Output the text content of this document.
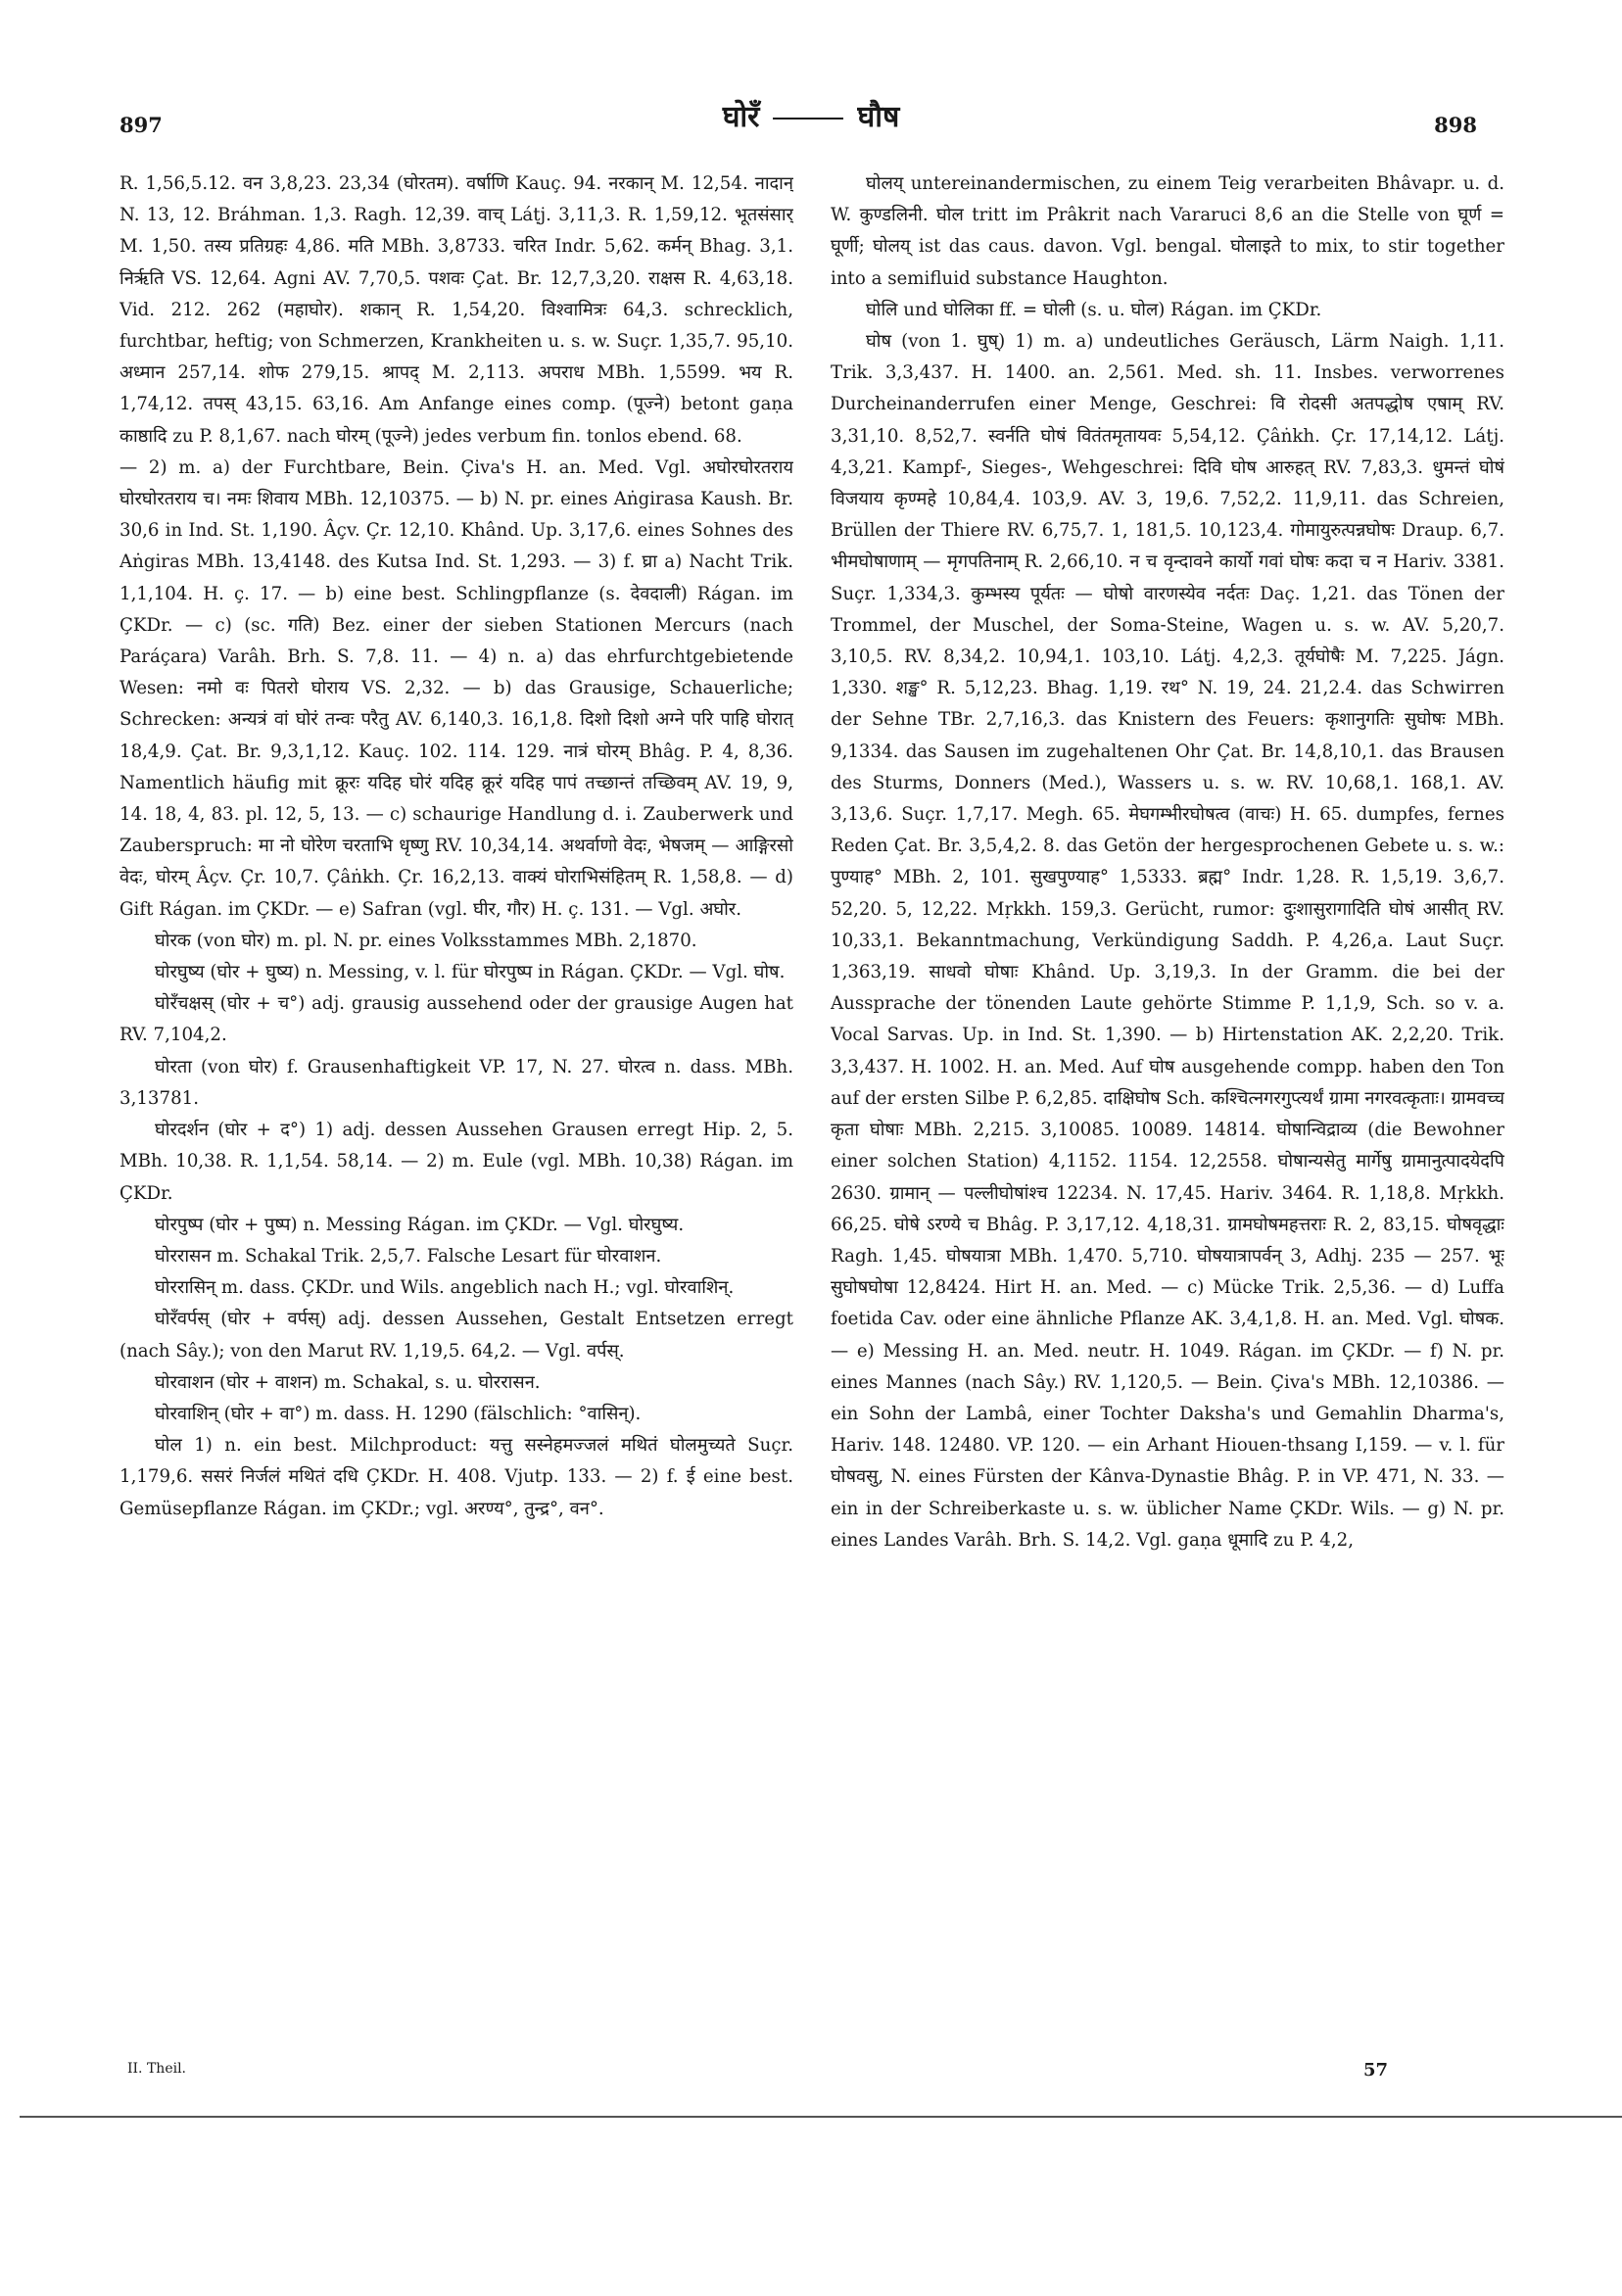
897	घोरँ	घौष	898

R. 1,56,5.12. वन 3,8,23. 23,34 (घोरतम). वर्षाणि Kauç. 94. नरकान् M. 12,54. नादान् N. 13, 12. Bráhman. 1,3. Ragh. 12,39. वाच् Láṭj. 3,11,3. R. 1,59,12. भूतसंसार् M. 1,50. तस्य प्रतिग्रहः 4,86. मति MBh. 3,8733. चरित Indr. 5,62. कर्मन् Bhag. 3,1. निर्ऋति VS. 12,64. Agni AV. 7,70,5. पशवः Çat. Br. 12,7,3,20. राक्षस R. 4,63,18. Vid. 212. 262 (महाघोर). शकान् R. 1,54,20. विश्वामित्रः 64,3. schrecklich, furchtbar, heftig; von Schmerzen, Krankheiten u. s. w. Suçr. 1,35,7. 95,10. अध्मान 257,14. शोफ 279,15. श्रापद् M. 2,113. अपराध MBh. 1,5599. भय R. 1,74,12. तपस् 43,15. 63,16. Am Anfange eines comp. (पूज्ने) betont gaṇa काष्ठादि zu P. 8,1,67. nach घोरम् (पूज्ने) jedes verbum fin. tonlos ebend. 68.

— 2) m. a) der Furchtbare, Bein. Çiva's H. an. Med. Vgl. अघोरघोरतराय घोरघोरतराय च। नमः शिवाय MBh. 12,10375. — b) N. pr. eines Aṅgirasa Kaush. Br. 30,6 in Ind. St. 1,190. Âçv. Çr. 12,10. Khând. Up. 3,17,6. eines Sohnes des Aṅgiras MBh. 13,4148. des Kutsa Ind. St. 1,293. — 3) f. घ्रा a) Nacht Trik. 1,1,104. H. ç. 17. — b) eine best. Schlingpflanze (s. देवदाली) Rágan. im ÇKDr. — c) (sc. गति) Bez. einer der sieben Stationen Mercurs (nach Paráçara) Varâh. Brh. S. 7,8. 11. — 4) n. a) das ehrfurchtgebietende Wesen: नमो वः पितरो घोराय VS. 2,32. — b) das Grausige, Schauerliche; Schrecken: अन्यत्रं वां घोरं तन्वः परैतु AV. 6,140,3. 16,1,8. दिशो दिशो अग्ने परि पाहि घोरात् 18,4,9. Çat. Br. 9,3,1,12. Kauç. 102. 114. 129. नात्रं घोरम् Bhâg. P. 4, 8,36. Namentlich häufig mit क्रूरः यदिह घोरं यदिह क्रूरं यदिह पापं तच्छान्तं तच्छिवम् AV. 19, 9, 14. 18, 4, 83. pl. 12, 5, 13. — c) schaurige Handlung d. i. Zauberwerk und Zauberspruch: मा नो घोरेण चरताभि धृष्णु RV. 10,34,14. अथर्वाणो वेदः, भेषजम् — आङ्गिरसो वेदः, घोरम् Âçv. Çr. 10,7. Çâṅkh. Çr. 16,2,13. वाक्यं घोराभिसंहितम् R. 1,58,8. — d) Gift Rágan. im ÇKDr. — e) Safran (vgl. घीर, गौर) H. ç. 131. — Vgl. अघोर.

घोरक (von घोर) m. pl. N. pr. eines Volksstammes MBh. 2,1870.

घोरघुष्य (घोर + घुष्य) n. Messing, v. l. für घोरपुष्प in Rágan. ÇKDr. — Vgl. घोष.

घोरँचक्षस् (घोर + च°) adj. grausig aussehend oder der grausige Augen hat RV. 7,104,2.

घोरता (von घोर) f. Grausenhaftigkeit VP. 17, N. 27. घोरत्व n. dass. MBh. 3,13781.

घोरदर्शन (घोर + द°) 1) adj. dessen Aussehen Grausen erregt Hip. 2, 5. MBh. 10,38. R. 1,1,54. 58,14. — 2) m. Eule (vgl. MBh. 10,38) Rágan. im ÇKDr.

घोरपुष्प (घोर + पुष्प) n. Messing Rágan. im ÇKDr. — Vgl. घोरघुष्य.

घोररासन m. Schakal Trik. 2,5,7. Falsche Lesart für घोरवाशन.

घोररासिन् m. dass. ÇKDr. und Wils. angeblich nach H.; vgl. घोरवाशिन्.

घोरँवर्पस् (घोर + वर्पस्) adj. dessen Aussehen, Gestalt Entsetzen erregt (nach Sây.); von den Marut RV. 1,19,5. 64,2. — Vgl. वर्पस्.

घोरवाशन (घोर + वाशन) m. Schakal, s. u. घोररासन.

घोरवाशिन् (घोर + वा°) m. dass. H. 1290 (fälschlich: °वासिन्).

घोल 1) n. ein best. Milchproduct: यत्तु सस्नेहमज्जलं मथितं घोलमुच्यते Suçr. 1,179,6. ससरं निर्जलं मथितं दधि ÇKDr. H. 408. Vjutp. 133. — 2) f. ई eine best. Gemüsepflanze Rágan. im ÇKDr.; vgl. अरण्य°, तुन्द्र°, वन°.

घोलय् untereinandermischen, zu einem Teig verarbeiten Bhâvapr. u. d. W. कुण्डलिनी. घोल tritt im Prâkrit nach Vararuci 8,6 an die Stelle von घूर्ण = घूर्णी; घोलय् ist das caus. davon. Vgl. bengal. घोलाइते to mix, to stir together into a semifluid substance Haughton.

घोलि und घोलिका ff. = घोली (s. u. घोल) Rágan. im ÇKDr.

घोष (von 1. घुष्) 1) m. a) undeutliches Geräusch, Lärm Naigh. 1,11. Trik. 3,3,437. H. 1400. an. 2,561. Med. sh. 11. Insbes. verworrenes Durcheinanderrufen einer Menge, Geschrei: वि रोदसी अतपद्धोष एषाम् RV. 3,31,10. 8,52,7. स्वर्नति घोषं वितंतमृतायवः 5,54,12. Çâṅkh. Çr. 17,14,12. Láṭj. 4,3,21. Kampf-, Sieges-, Wehgeschrei: दिवि घोष आरुहत् RV. 7,83,3. धुमन्तं घोषं विजयाय कृण्महे 10,84,4. 103,9. AV. 3, 19,6. 7,52,2. 11,9,11. das Schreien, Brüllen der Thiere RV. 6,75,7. 1, 181,5. 10,123,4. गोमायुरुत्पन्नघोषः Draup. 6,7. भीमघोषाणाम् — मृगपतिनाम् R. 2,66,10. न च वृन्दावने कार्यो गवां घोषः कदा च न Hariv. 3381. Suçr. 1,334,3. कुम्भस्य पूर्यतः — घोषो वारणस्येव नर्दतः Daç. 1,21. das Tönen der Trommel, der Muschel, der Soma-Steine, Wagen u. s. w. AV. 5,20,7. 3,10,5. RV. 8,34,2. 10,94,1. 103,10. Láṭj. 4,2,3. तूर्यघोषैः M. 7,225. Jágn. 1,330. शङ्ख° R. 5,12,23. Bhag. 1,19. रथ° N. 19, 24. 21,2.4. das Schwirren der Sehne TBr. 2,7,16,3. das Knistern des Feuers: कृशानुगतिः सुघोषः MBh. 9,1334. das Sausen im zugehaltenen Ohr Çat. Br. 14,8,10,1. das Brausen des Sturms, Donners (Med.), Wassers u. s. w. RV. 10,68,1. 168,1. AV. 3,13,6. Suçr. 1,7,17. Megh. 65. मेघगम्भीरघोषत्व (वाचः) H. 65. dumpfes, fernes Reden Çat. Br. 3,5,4,2. 8. das Getön der hergesprochenen Gebete u. s. w.: पुण्याह° MBh. 2, 101. सुखपुण्याह° 1,5333. ब्रह्म° Indr. 1,28. R. 1,5,19. 3,6,7. 52,20. 5, 12,22. Mṛkkh. 159,3. Gerücht, rumor: दुःशासुरागादिति घोषं आसीत् RV. 10,33,1. Bekanntmachung, Verkündigung Saddh. P. 4,26,a. Laut Suçr. 1,363,19. साधवो घोषाः Khând. Up. 3,19,3. In der Gramm. die bei der Aussprache der tönenden Laute gehörte Stimme P. 1,1,9, Sch. so v. a. Vocal Sarvas. Up. in Ind. St. 1,390. — b) Hirtenstation AK. 2,2,20. Trik. 3,3,437. H. 1002. H. an. Med. Auf घोष ausgehende compp. haben den Ton auf der ersten Silbe P. 6,2,85. दाक्षिघोष Sch. कश्चित्नगरगुप्त्यर्थं ग्रामा नगरवत्कृताः। ग्रामवच्च कृता घोषाः MBh. 2,215. 3,10085. 10089. 14814. घोषान्विद्राव्य (die Bewohner einer solchen Station) 4,1152. 1154. 12,2558. घोषान्यसेतु मार्गेषु ग्रामानुत्पादयेदपि 2630. ग्रामान् — पल्लीघोषांश्च 12234. N. 17,45. Hariv. 3464. R. 1,18,8. Mṛkkh. 66,25. घोषे ऽरण्ये च Bhâg. P. 3,17,12. 4,18,31. ग्रामघोषमहत्तराः R. 2, 83,15. घोषवृद्धाः Ragh. 1,45. घोषयात्रा MBh. 1,470. 5,710. घोषयात्रापर्वन् 3, Adhj. 235 — 257. भूः सुघोषघोषा 12,8424. Hirt H. an. Med. — c) Mücke Trik. 2,5,36. — d) Luffa foetida Cav. oder eine ähnliche Pflanze AK. 3,4,1,8. H. an. Med. Vgl. घोषक. — e) Messing H. an. Med. neutr. H. 1049. Rágan. im ÇKDr. — f) N. pr. eines Mannes (nach Sây.) RV. 1,120,5. — Bein. Çiva's MBh. 12,10386. — ein Sohn der Lambâ, einer Tochter Daksha's und Gemahlin Dharma's, Hariv. 148. 12480. VP. 120. — ein Arhant Hiouen-thsang I,159. — v. l. für घोषवसु, N. eines Fürsten der Kânva-Dynastie Bhâg. P. in VP. 471, N. 33. — ein in der Schreiberkaste u. s. w. üblicher Name ÇKDr. Wils. — g) N. pr. eines Landes Varâh. Brh. S. 14,2. Vgl. gaṇa धूमादि zu P. 4,2,

II. Theil.	57
